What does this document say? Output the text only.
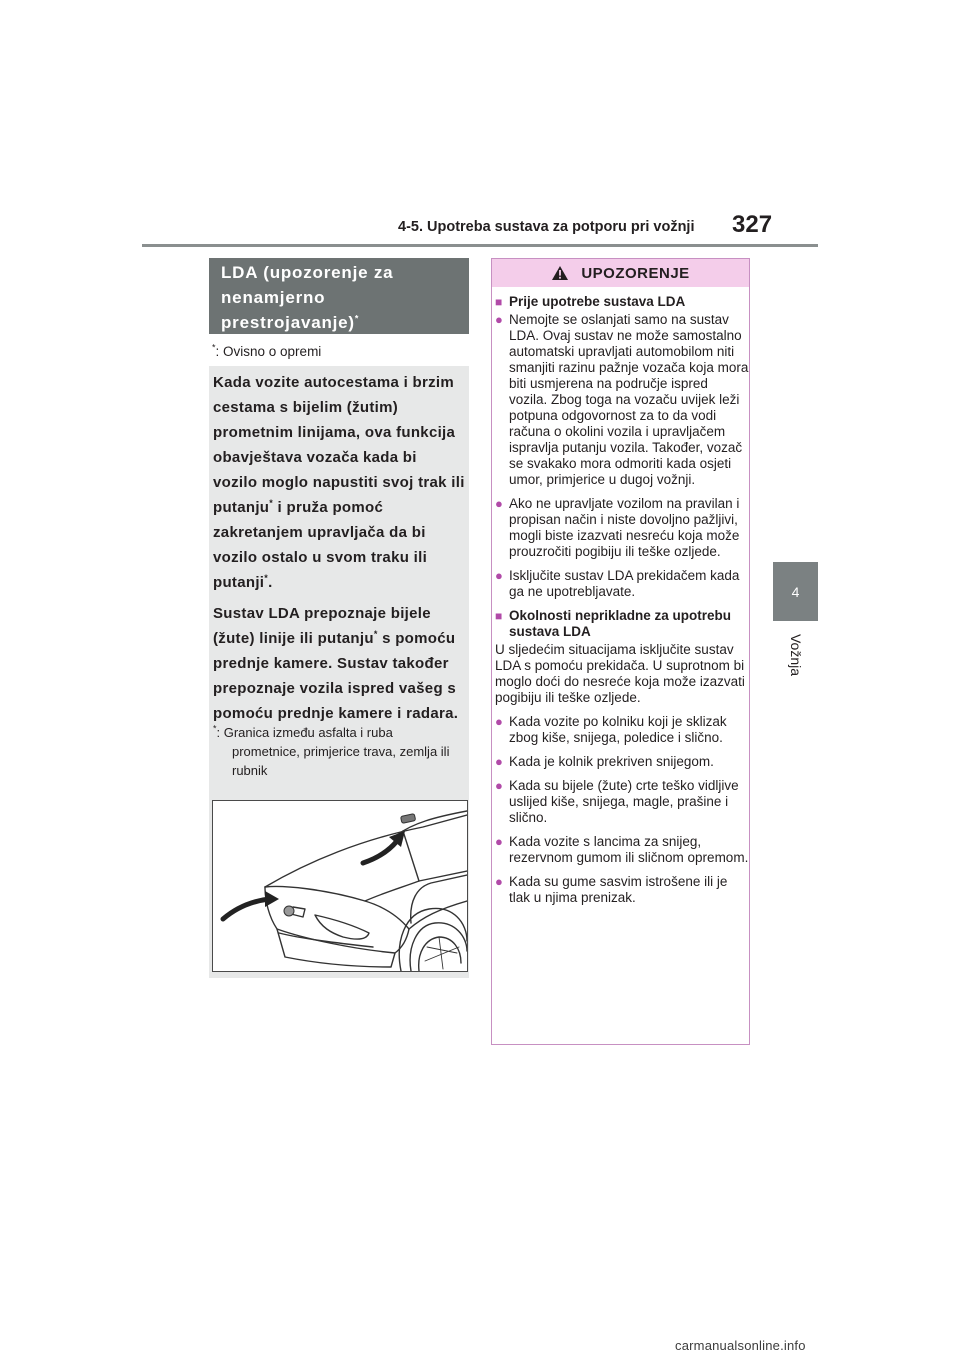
4-5. Upotreba sustava za potporu pri vožnji 327
4
Vožnja
LDA (upozorenje za nenamjerno prestrojavanje)*
*: Ovisno o opremi

Kada vozite autocestama i brzim cestama s bijelim (žutim) prometnim linijama, ova funkcija obavještava vozača kada bi vozilo moglo napustiti svoj trak ili putanju* i pruža pomoć zakretanjem upravljača da bi vozilo ostalo u svom traku ili putanji*.

Sustav LDA prepoznaje bijele (žute) linije ili putanju* s pomoću prednje kamere. Sustav također prepoznaje vozila ispred vašeg s pomoću prednje kamere i radara.

*: Granica između asfalta i ruba
prometnice, primjerice trava, zemlja ili rubnik
UPOZORENJE
■ Prije upotrebe sustava LDA
● Nemojte se oslanjati samo na sustav LDA. Ovaj sustav ne može samostalno automatski upravljati automobilom niti smanjiti razinu pažnje vozača koja mora biti usmjerena na područje ispred vozila. Zbog toga na vozaču uvijek leži potpuna odgovornost za to da vodi računa o okolini vozila i upravljačem ispravlja putanju vozila. Također, vozač se svakako mora odmoriti kada osjeti umor, primjerice u dugoj vožnji.
● Ako ne upravljate vozilom na pravilan i propisan način i niste dovoljno pažljivi, mogli biste izazvati nesreću koja može prouzročiti pogibiju ili teške ozljede.
● Isključite sustav LDA prekidačem kada ga ne upotrebljavate.
■ Okolnosti neprikladne za upotrebu sustava LDA

U sljedećim situacijama isključite sustav LDA s pomoću prekidača. U suprotnom bi moglo doći do nesreće koja može izazvati pogibiju ili teške ozljede.

● Kada vozite po kolniku koji je sklizak zbog kiše, snijega, poledice i slično.
● Kada je kolnik prekriven snijegom.
● Kada su bijele (žute) crte teško vidljive uslijed kiše, snijega, magle, prašine i slično.
● Kada vozite s lancima za snijeg, rezervnom gumom ili sličnom opremom.
● Kada su gume sasvim istrošene ili je tlak u njima prenizak.
carmanualsonline.info
